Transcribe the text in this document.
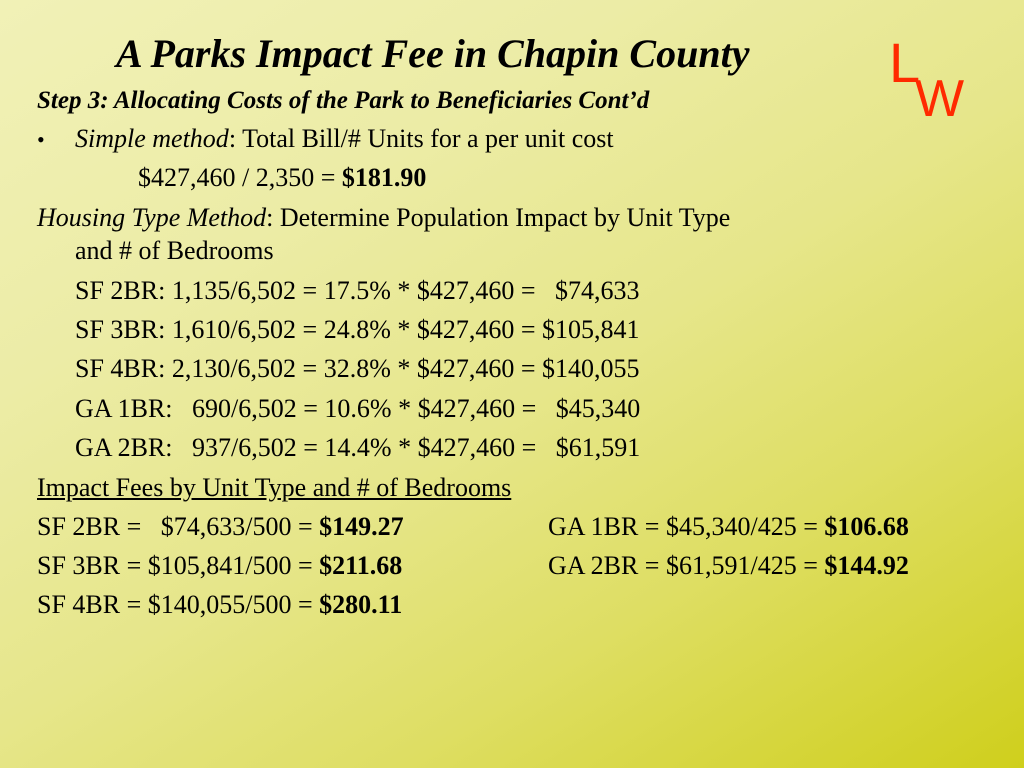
A Parks Impact Fee in Chapin County L
W
Step 3: Allocating Costs of the Park to Beneficiaries Cont’d
• Simple method: Total Bill/# Units for a per unit cost
$427,460 / 2,350 = $181.90
Housing Type Method: Determine Population Impact by Unit Type
and # of Bedrooms
SF 2BR: 1,135/6,502 = 17.5% * $427,460 =   $74,633
SF 3BR: 1,610/6,502 = 24.8% * $427,460 = $105,841
SF 4BR: 2,130/6,502 = 32.8% * $427,460 = $140,055
GA 1BR:   690/6,502 = 10.6% * $427,460 =   $45,340
GA 2BR:   937/6,502 = 14.4% * $427,460 =   $61,591
Impact Fees by Unit Type and # of Bedrooms
SF 2BR =   $74,633/500 = $149.27
SF 3BR = $105,841/500 = $211.68
SF 4BR = $140,055/500 = $280.11
GA 1BR = $45,340/425 = $106.68
GA 2BR = $61,591/425 = $144.92
